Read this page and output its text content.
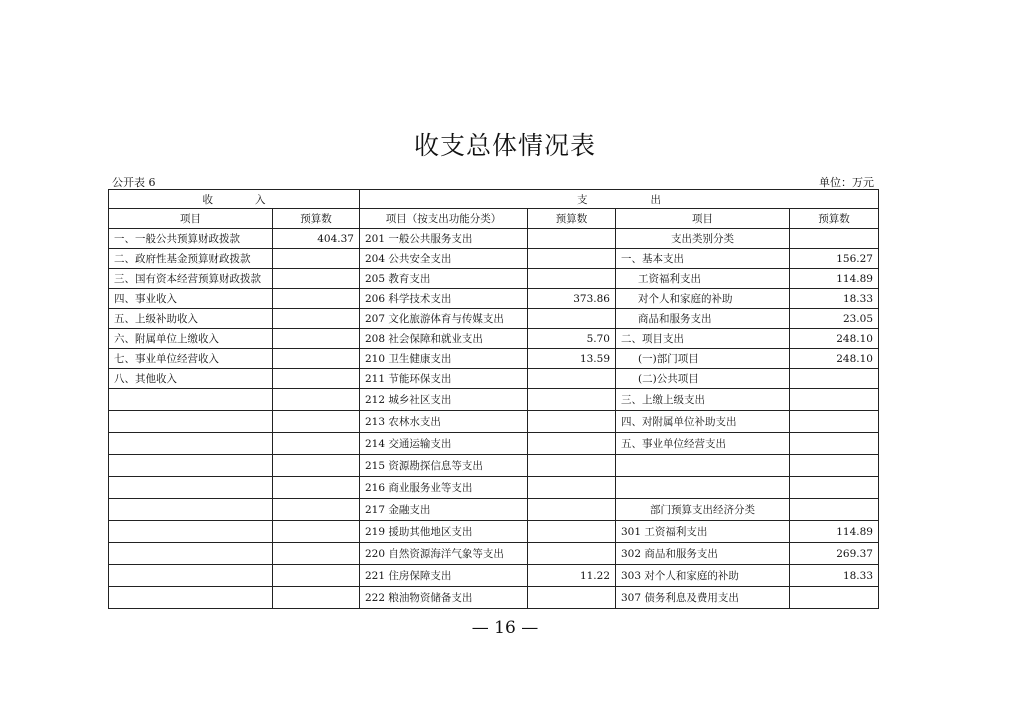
收支总体情况表
公开表 6	单位：万元
收　　　　入		支　　　　　　出			
项目	预算数	项目（按支出功能分类）	预算数	项目	预算数
一、一般公共预算财政拨款	404.37	201 一般公共服务支出		支出类别分类	
二、政府性基金预算财政拨款		204 公共安全支出		一、基本支出	156.27
三、国有资本经营预算财政拨款		205 教育支出		工资福利支出	114.89
四、事业收入		206 科学技术支出	373.86	对个人和家庭的补助	18.33
五、上级补助收入		207 文化旅游体育与传媒支出		商品和服务支出	23.05
六、附属单位上缴收入		208 社会保障和就业支出	5.70	二、项目支出	248.10
七、事业单位经营收入		210 卫生健康支出	13.59	(一)部门项目	248.10
八、其他收入		211 节能环保支出		(二)公共项目	
		212 城乡社区支出		三、上缴上级支出	
		213 农林水支出		四、对附属单位补助支出	
		214 交通运输支出		五、事业单位经营支出	
		215 资源勘探信息等支出			
		216 商业服务业等支出			
		217 金融支出		部门预算支出经济分类	
		219 援助其他地区支出		301 工资福利支出	114.89
		220 自然资源海洋气象等支出		302 商品和服务支出	269.37
		221 住房保障支出	11.22	303 对个人和家庭的补助	18.33
		222 粮油物资储备支出		307 债务利息及费用支出	
— 16 —
